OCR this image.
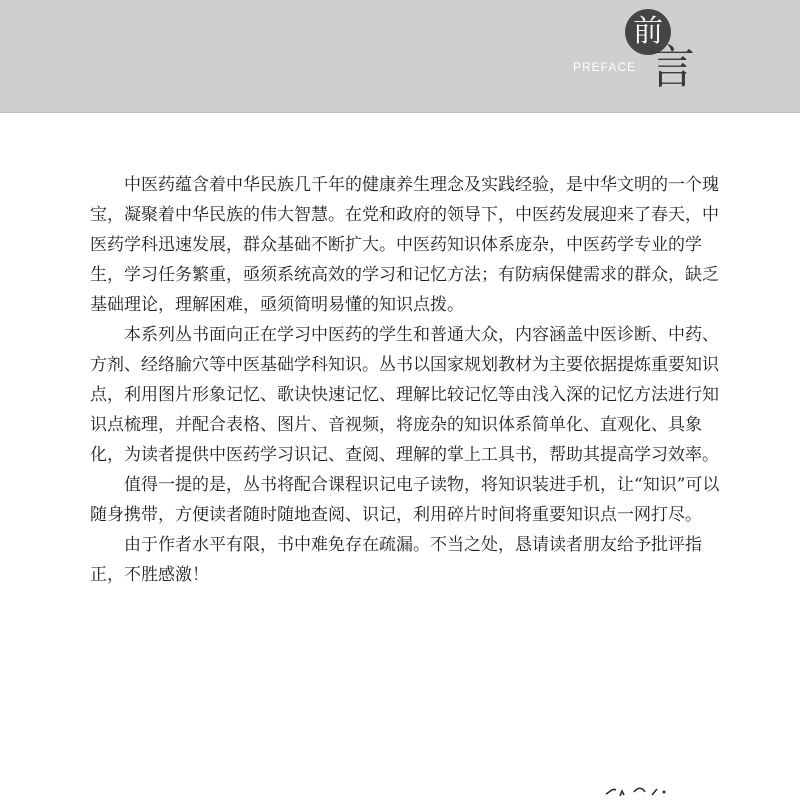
PREFACE
前
言

中医药蕴含着中华民族几千年的健康养生理念及实践经验，是中华文明的一个瑰宝，凝聚着中华民族的伟大智慧。在党和政府的领导下，中医药发展迎来了春天，中医药学科迅速发展，群众基础不断扩大。中医药知识体系庞杂，中医药学专业的学生，学习任务繁重，亟须系统高效的学习和记忆方法；有防病保健需求的群众，缺乏基础理论，理解困难，亟须简明易懂的知识点拨。

本系列丛书面向正在学习中医药的学生和普通大众，内容涵盖中医诊断、中药、方剂、经络腧穴等中医基础学科知识。丛书以国家规划教材为主要依据提炼重要知识点，利用图片形象记忆、歌诀快速记忆、理解比较记忆等由浅入深的记忆方法进行知识点梳理，并配合表格、图片、音视频，将庞杂的知识体系简单化、直观化、具象化，为读者提供中医药学习识记、查阅、理解的掌上工具书，帮助其提高学习效率。

值得一提的是，丛书将配合课程识记电子读物，将知识装进手机，让“知识”可以随身携带，方便读者随时随地查阅、识记，利用碎片时间将重要知识点一网打尽。

由于作者水平有限，书中难免存在疏漏。不当之处，恳请读者朋友给予批评指正，不胜感激！
